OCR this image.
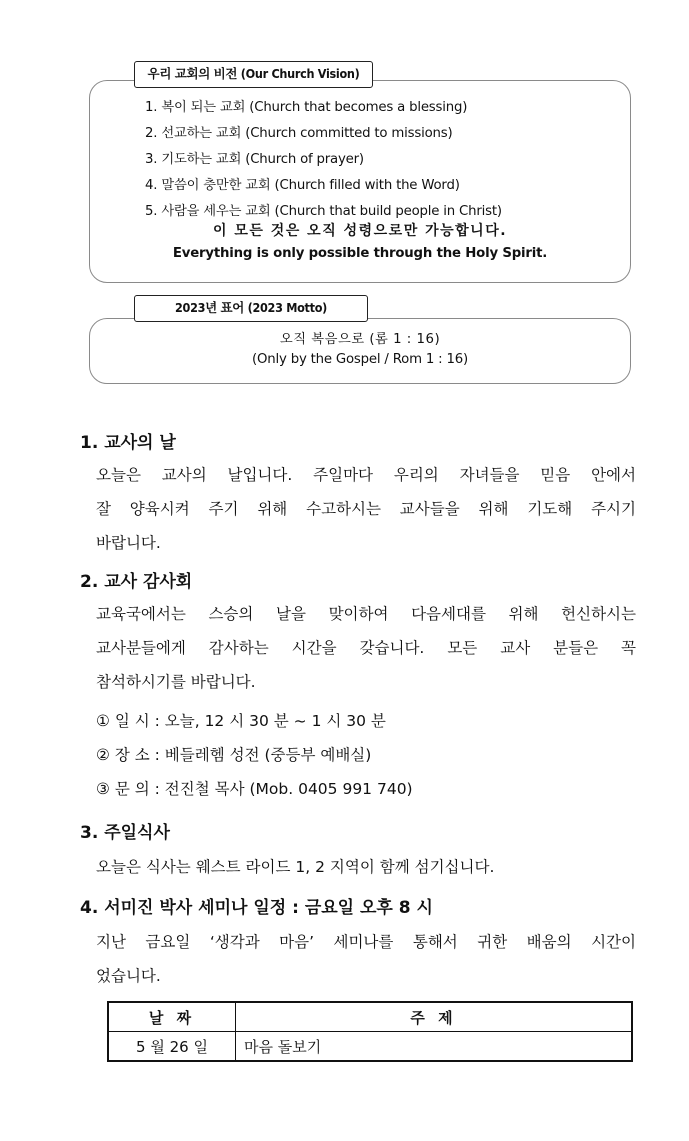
우리 교회의 비전 (Our Church Vision)
1. 복이 되는 교회 (Church that becomes a blessing)
2. 선교하는 교회 (Church committed to missions)
3. 기도하는 교회 (Church of prayer)
4. 말씀이 충만한 교회 (Church filled with the Word)
5. 사람을 세우는 교회 (Church that build people in Christ)
이 모든 것은 오직 성령으로만 가능합니다.
Everything is only possible through the Holy Spirit.
2023년 표어 (2023 Motto)
오직 복음으로 (롬 1 : 16)
(Only by the Gospel / Rom 1 : 16)
1. 교사의 날
오늘은 교사의 날입니다. 주일마다 우리의 자녀들을 믿음 안에서
잘 양육시켜 주기 위해 수고하시는 교사들을 위해 기도해 주시기
바랍니다.
2. 교사 감사회
교육국에서는 스승의 날을 맞이하여 다음세대를 위해 헌신하시는
교사분들에게 감사하는 시간을 갖습니다. 모든 교사 분들은 꼭
참석하시기를 바랍니다.
① 일 시 : 오늘, 12 시 30 분 ~ 1 시 30 분
② 장 소 : 베들레헴 성전 (중등부 예배실)
③ 문 의 : 전진철 목사 (Mob. 0405 991 740)
3. 주일식사
오늘은 식사는 웨스트 라이드 1, 2 지역이 함께 섬기십니다.
4. 서미진 박사 세미나 일정 : 금요일 오후 8 시
지난 금요일 ‘생각과 마음’ 세미나를 통해서 귀한 배움의 시간이
었습니다.
날 짜	주 제
5 월 26 일	마음 돌보기
